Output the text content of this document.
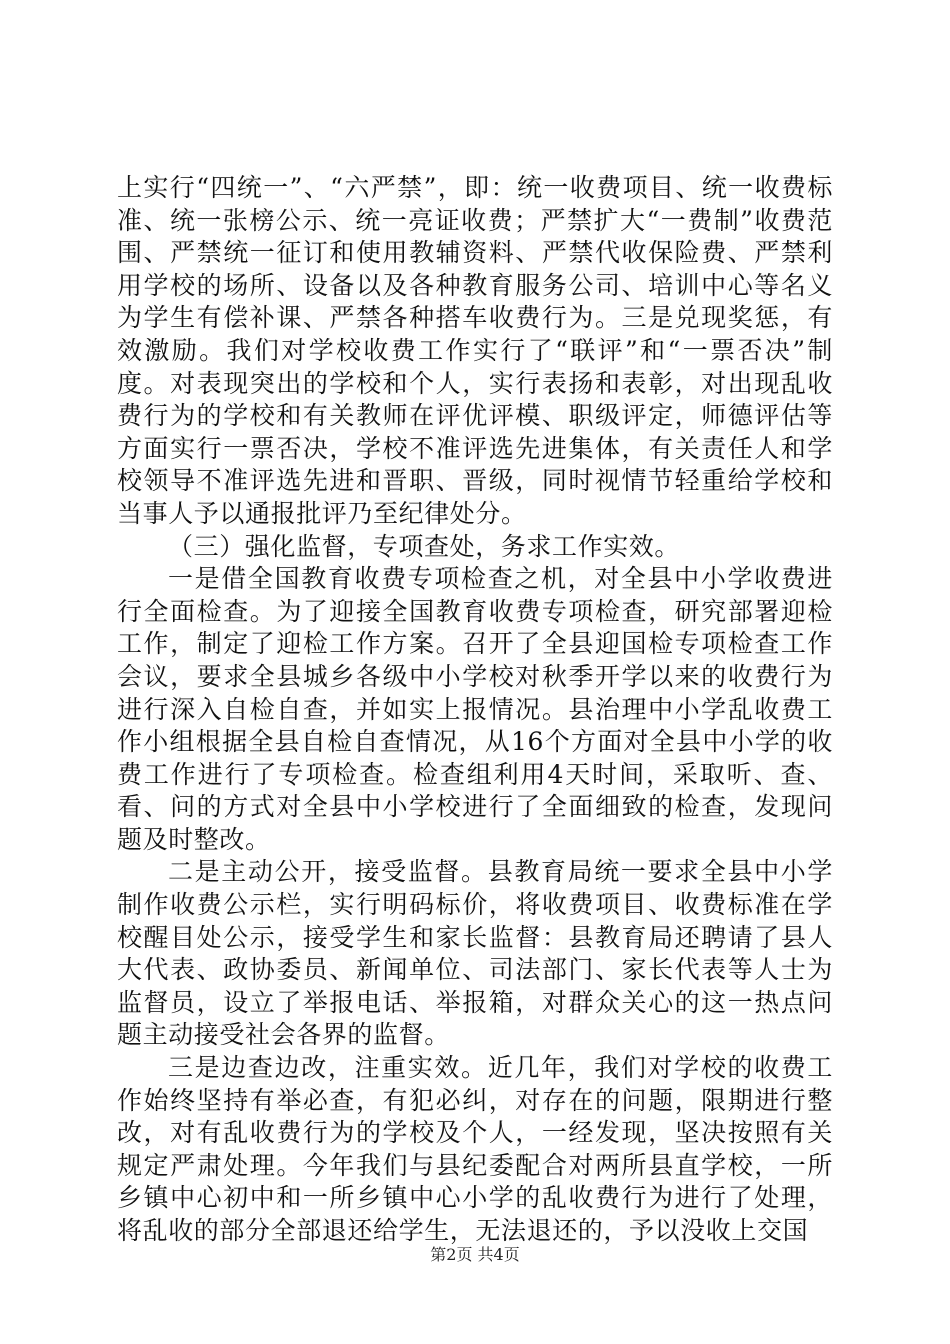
上实行“四统一”、“六严禁”，即：统一收费项目、统一收费标准、统一张榜公示、统一亮证收费；严禁扩大“一费制”收费范围、严禁统一征订和使用教辅资料、严禁代收保险费、严禁利用学校的场所、设备以及各种教育服务公司、培训中心等名义为学生有偿补课、严禁各种搭车收费行为。三是兑现奖惩，有效激励。我们对学校收费工作实行了“联评”和“一票否决”制度。对表现突出的学校和个人，实行表扬和表彰，对出现乱收费行为的学校和有关教师在评优评模、职级评定，师德评估等方面实行一票否决，学校不准评选先进集体，有关责任人和学校领导不准评选先进和晋职、晋级，同时视情节轻重给学校和当事人予以通报批评乃至纪律处分。

（三）强化监督，专项查处，务求工作实效。

一是借全国教育收费专项检查之机，对全县中小学收费进行全面检查。为了迎接全国教育收费专项检查，研究部署迎检工作，制定了迎检工作方案。召开了全县迎国检专项检查工作会议，要求全县城乡各级中小学校对秋季开学以来的收费行为进行深入自检自查，并如实上报情况。县治理中小学乱收费工作小组根据全县自检自查情况，从16个方面对全县中小学的收费工作进行了专项检查。检查组利用4天时间，采取听、查、看、问的方式对全县中小学校进行了全面细致的检查，发现问题及时整改。

二是主动公开，接受监督。县教育局统一要求全县中小学制作收费公示栏，实行明码标价，将收费项目、收费标准在学校醒目处公示，接受学生和家长监督：县教育局还聘请了县人大代表、政协委员、新闻单位、司法部门、家长代表等人士为监督员，设立了举报电话、举报箱，对群众关心的这一热点问题主动接受社会各界的监督。

三是边查边改，注重实效。近几年，我们对学校的收费工作始终坚持有举必查，有犯必纠，对存在的问题，限期进行整改，对有乱收费行为的学校及个人，一经发现，坚决按照有关规定严肃处理。今年我们与县纪委配合对两所县直学校，一所乡镇中心初中和一所乡镇中心小学的乱收费行为进行了处理，将乱收的部分全部退还给学生，无法退还的，予以没收上交国

第2页 共4页
